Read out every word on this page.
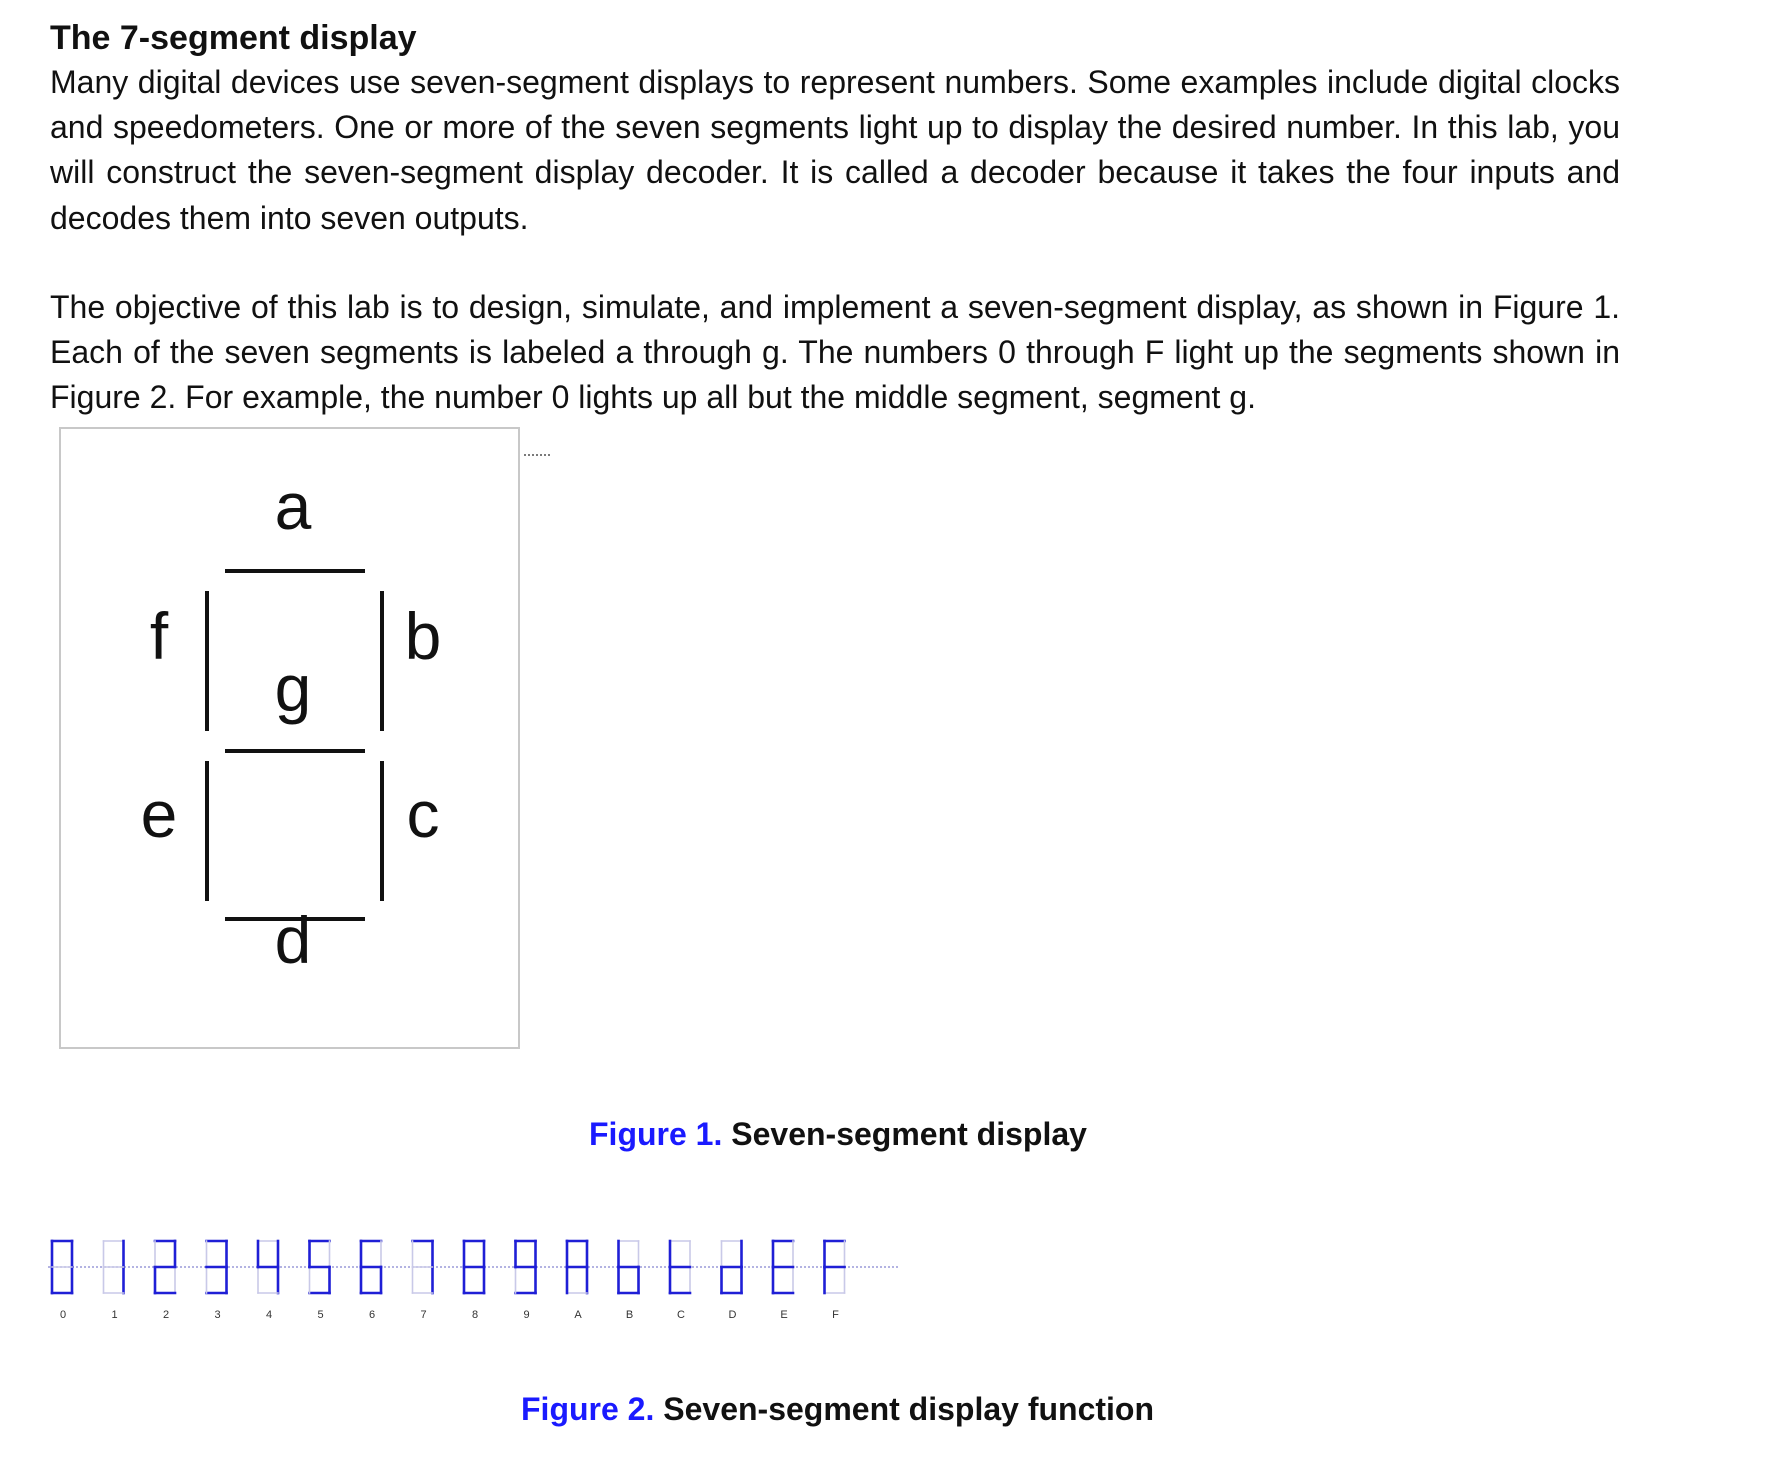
The 7-segment display
Many digital devices use seven-segment displays to represent numbers. Some examples include digital clocks and speedometers. One or more of the seven segments light up to display the desired number. In this lab, you will construct the seven-segment display decoder. It is called a decoder because it takes the four inputs and decodes them into seven outputs.
The objective of this lab is to design, simulate, and implement a seven-segment display, as shown in Figure 1. Each of the seven segments is labeled a through g. The numbers 0 through F light up the segments shown in Figure 2. For example, the number 0 lights up all but the middle segment, segment g.
a
b
c
d
e
f
g
Figure 1. Seven-segment display
0	1	2	3	4	5	6	7	8	9	A	B	C	D	E	F
Figure 2. Seven-segment display function
